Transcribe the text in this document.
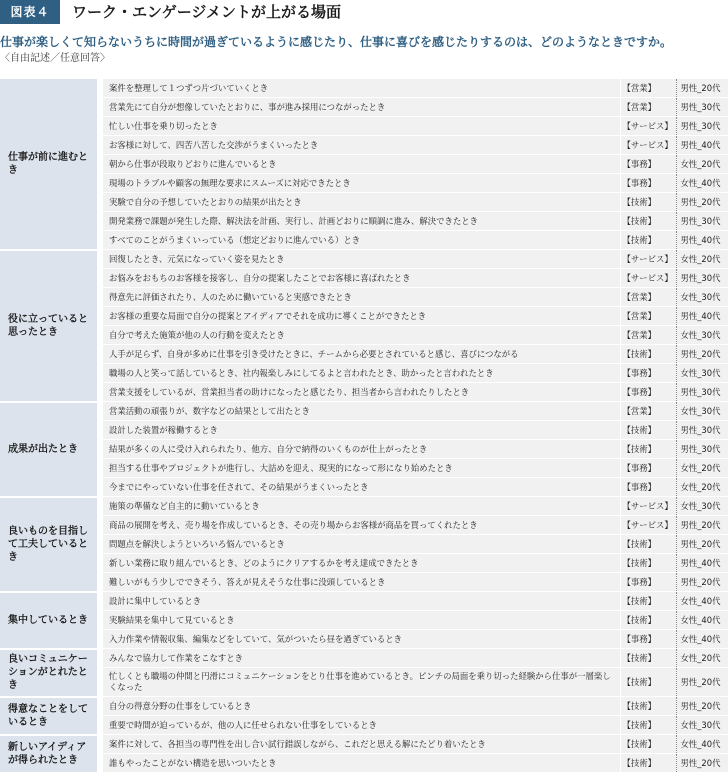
図表４	ワーク・エンゲージメントが上がる場面
仕事が楽しくて知らないうちに時間が過ぎているように感じたり、仕事に喜びを感じたりするのは、どのようなときですか。
〈自由記述／任意回答〉
仕事が前に進むとき	案件を整理して１つずつ片づいていくとき	【営業】	男性_20代
	営業先にて自分が想像していたとおりに、事が進み採用につながったとき	【営業】	男性_30代
	忙しい仕事を乗り切ったとき	【サービス】	男性_30代
	お客様に対して、四苦八苦した交渉がうまくいったとき	【サービス】	男性_40代
	朝から仕事が段取りどおりに進んでいるとき	【事務】	女性_20代
	現場のトラブルや顧客の無理な要求にスムーズに対応できたとき	【事務】	女性_40代
	実験で自分の予想していたとおりの結果が出たとき	【技術】	男性_20代
	開発業務で課題が発生した際、解決法を計画、実行し、計画どおりに順調に進み、解決できたとき	【技術】	男性_30代
	すべてのことがうまくいっている（想定どおりに進んでいる）とき	【技術】	男性_40代
役に立っていると思ったとき	回復したとき、元気になっていく姿を見たとき	【サービス】	女性_20代
	お悩みをおもちのお客様を接客し、自分の提案したことでお客様に喜ばれたとき	【サービス】	男性_30代
	得意先に評価されたり、人のために働いていると実感できたとき	【営業】	女性_30代
	お客様の重要な局面で自分の提案とアイディアでそれを成功に導くことができたとき	【営業】	男性_40代
	自分で考えた施策が他の人の行動を変えたとき	【営業】	女性_30代
	人手が足らず、自身が多めに仕事を引き受けたときに、チームから必要とされていると感じ、喜びにつながる	【技術】	男性_20代
	職場の人と笑って話しているとき、社内報楽しみにしてるよと言われたとき、助かったと言われたとき	【事務】	女性_30代
	営業支援をしているが、営業担当者の助けになったと感じたり、担当者から言われたりしたとき	【事務】	男性_30代
成果が出たとき	営業活動の頑張りが、数字などの結果として出たとき	【営業】	女性_30代
	設計した装置が稼働するとき	【技術】	男性_30代
	結果が多くの人に受け入れられたり、他方、自分で納得のいくものが仕上がったとき	【技術】	男性_30代
	担当する仕事やプロジェクトが進行し、大詰めを迎え、現実的になって形になり始めたとき	【事務】	女性_20代
	今までにやっていない仕事を任されて、その結果がうまくいったとき	【事務】	女性_20代
良いものを目指して工夫しているとき	施策の準備など自主的に動いているとき	【サービス】	女性_30代
	商品の展開を考え、売り場を作成しているとき、その売り場からお客様が商品を買ってくれたとき	【サービス】	男性_20代
	問題点を解決しようといろいろ悩んでいるとき	【技術】	男性_20代
	新しい業務に取り組んでいるとき、どのようにクリアするかを考え達成できたとき	【技術】	男性_40代
	難しいがもう少しでできそう、答えが見えそうな仕事に没頭しているとき	【事務】	男性_20代
集中しているとき	設計に集中しているとき	【技術】	女性_40代
	実験結果を集中して見ているとき	【技術】	女性_40代
	入力作業や情報収集、編集などをしていて、気がついたら昼を過ぎているとき	【事務】	女性_40代
良いコミュニケーションがとれたとき	みんなで協力して作業をこなすとき	【技術】	女性_20代
	忙しくとも職場の仲間と円滑にコミュニケーションをとり仕事を進めているとき。ピンチの局面を乗り切った経験から仕事が一層楽しくなった	【技術】	男性_20代
得意なことをしているとき	自分の得意分野の仕事をしているとき	【技術】	男性_20代
	重要で時間が迫っているが、他の人に任せられない仕事をしているとき	【技術】	女性_30代
新しいアイディアが得られたとき	案件に対して、各担当の専門性を出し合い試行錯誤しながら、これだと思える解にたどり着いたとき	【技術】	女性_40代
	誰もやったことがない構造を思いついたとき	【技術】	男性_20代
